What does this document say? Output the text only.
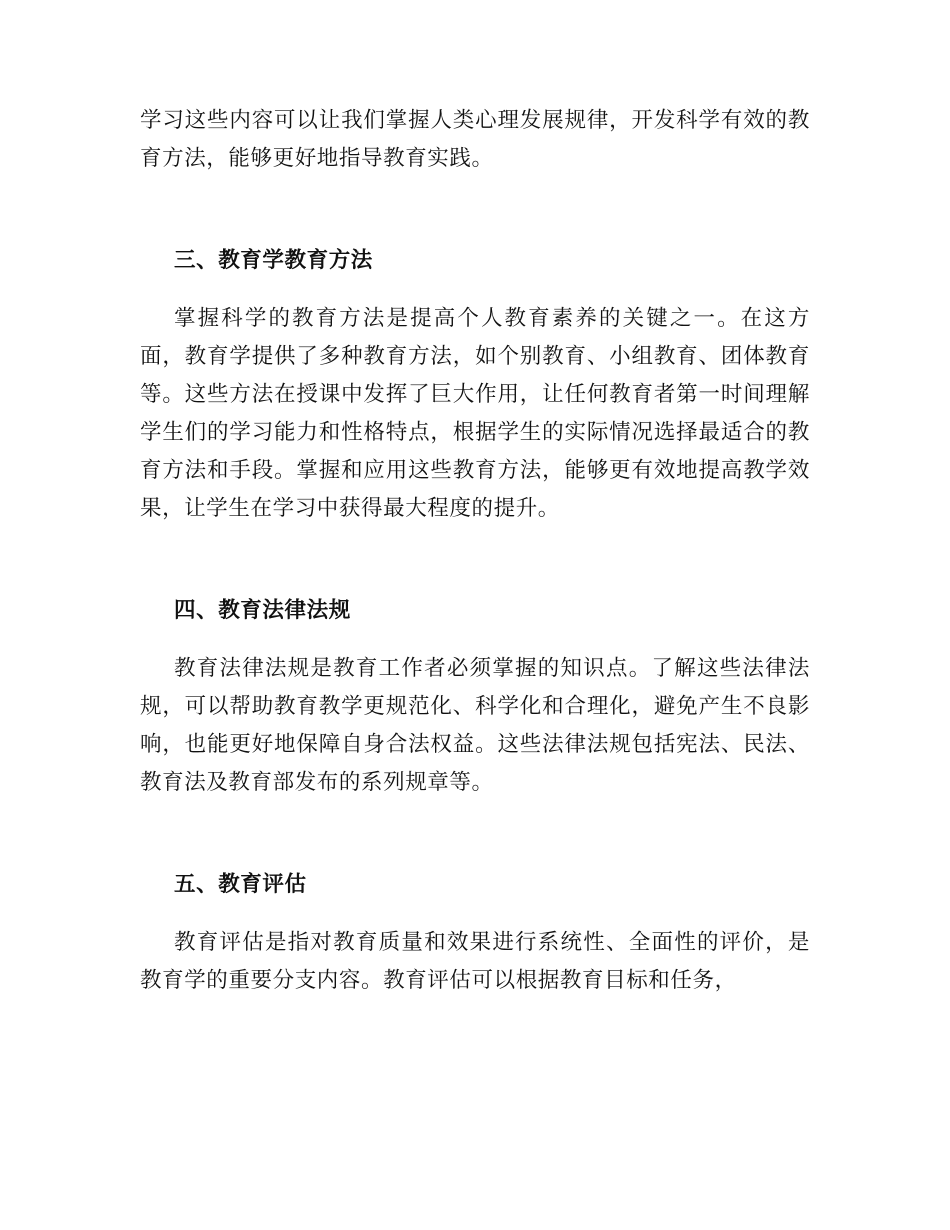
学习这些内容可以让我们掌握人类心理发展规律，开发科学有效的教育方法，能够更好地指导教育实践。

三、教育学教育方法

掌握科学的教育方法是提高个人教育素养的关键之一。在这方面，教育学提供了多种教育方法，如个别教育、小组教育、团体教育等。这些方法在授课中发挥了巨大作用，让任何教育者第一时间理解学生们的学习能力和性格特点，根据学生的实际情况选择最适合的教育方法和手段。掌握和应用这些教育方法，能够更有效地提高教学效果，让学生在学习中获得最大程度的提升。

四、教育法律法规

教育法律法规是教育工作者必须掌握的知识点。了解这些法律法规，可以帮助教育教学更规范化、科学化和合理化，避免产生不良影响，也能更好地保障自身合法权益。这些法律法规包括宪法、民法、教育法及教育部发布的系列规章等。

五、教育评估

教育评估是指对教育质量和效果进行系统性、全面性的评价，是教育学的重要分支内容。教育评估可以根据教育目标和任务，
